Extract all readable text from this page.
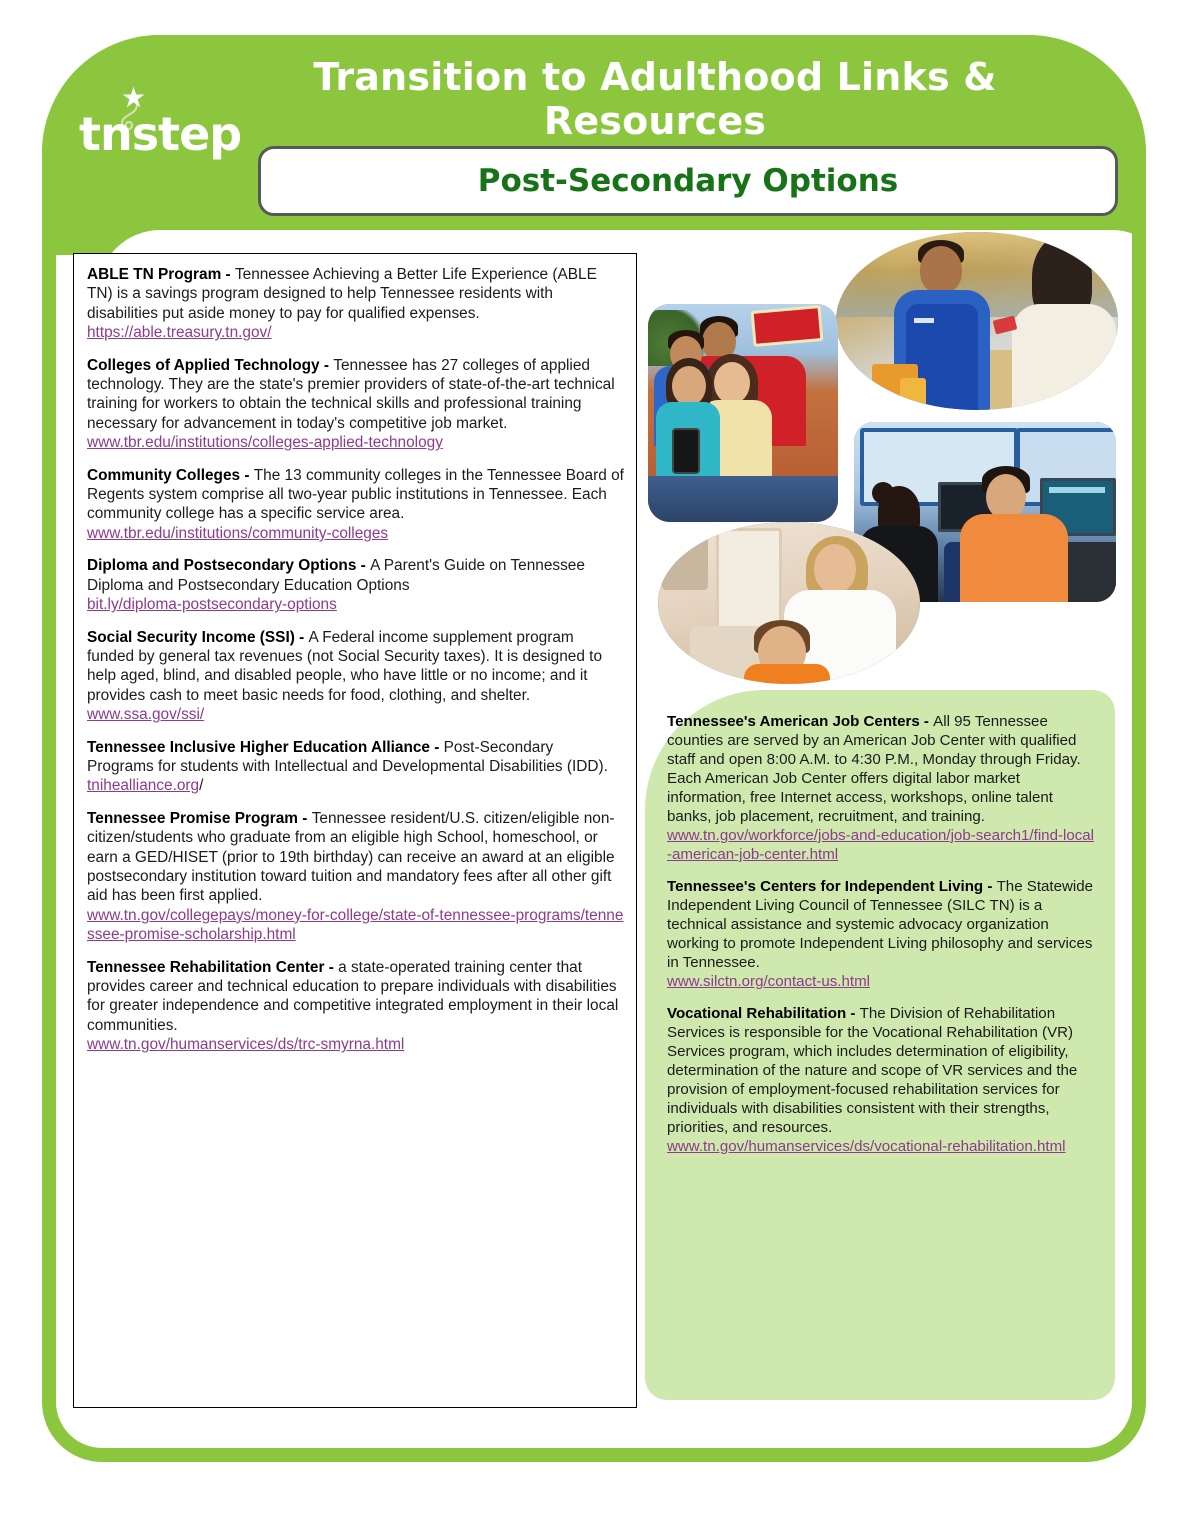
★
tnstep
Transition to Adulthood Links & Resources
Post-Secondary Options

ABLE TN Program - Tennessee Achieving a Better Life Experience (ABLE TN) is a savings program designed to help Tennessee residents with disabilities put aside money to pay for qualified expenses.

https://able.treasury.tn.gov/

Colleges of Applied Technology - Tennessee has 27 colleges of applied technology. They are the state's premier providers of state-of-the-art technical training for workers to obtain the technical skills and professional training necessary for advancement in today's competitive job market.

www.tbr.edu/institutions/colleges-applied-technology

Community Colleges - The 13 community colleges in the Tennessee Board of Regents system comprise all two-year public institutions in Tennessee. Each community college has a specific service area.

www.tbr.edu/institutions/community-colleges

Diploma and Postsecondary Options - A Parent's Guide on Tennessee Diploma and Postsecondary Education Options

bit.ly/diploma-postsecondary-options

Social Security Income (SSI) - A Federal income supplement program funded by general tax revenues (not Social Security taxes). It is designed to help aged, blind, and disabled people, who have little or no income; and it provides cash to meet basic needs for food, clothing, and shelter.

www.ssa.gov/ssi/

Tennessee Inclusive Higher Education Alliance - Post-Secondary Programs for students with Intellectual and Developmental Disabilities (IDD).

tnihealliance.org/

Tennessee Promise Program - Tennessee resident/U.S. citizen/eligible non-citizen/students who graduate from an eligible high School, homeschool, or earn a GED/HISET (prior to 19th birthday) can receive an award at an eligible postsecondary institution toward tuition and mandatory fees after all other gift aid has been first applied.

www.tn.gov/collegepays/money-for-college/state-of-tennessee-programs/tennessee-promise-scholarship.html

Tennessee Rehabilitation Center - a state-operated training center that provides career and technical education to prepare individuals with disabilities for greater independence and competitive integrated employment in their local communities.

www.tn.gov/humanservices/ds/trc-smyrna.html

Tennessee's American Job Centers - All 95 Tennessee counties are served by an American Job Center with qualified staff and open 8:00 A.M. to 4:30 P.M., Monday through Friday. Each American Job Center offers digital labor market information, free Internet access, workshops, online talent banks, job placement, recruitment, and training.

www.tn.gov/workforce/jobs-and-education/job-search1/find-local-american-job-center.html

Tennessee's Centers for Independent Living - The Statewide Independent Living Council of Tennessee (SILC TN) is a technical assistance and systemic advocacy organization working to promote Independent Living philosophy and services in Tennessee.

www.silctn.org/contact-us.html

Vocational Rehabilitation - The Division of Rehabilitation Services is responsible for the Vocational Rehabilitation (VR) Services program, which includes determination of eligibility, determination of the nature and scope of VR services and the provision of employment-focused rehabilitation services for individuals with disabilities consistent with their strengths, priorities, and resources.

www.tn.gov/humanservices/ds/vocational-rehabilitation.html
